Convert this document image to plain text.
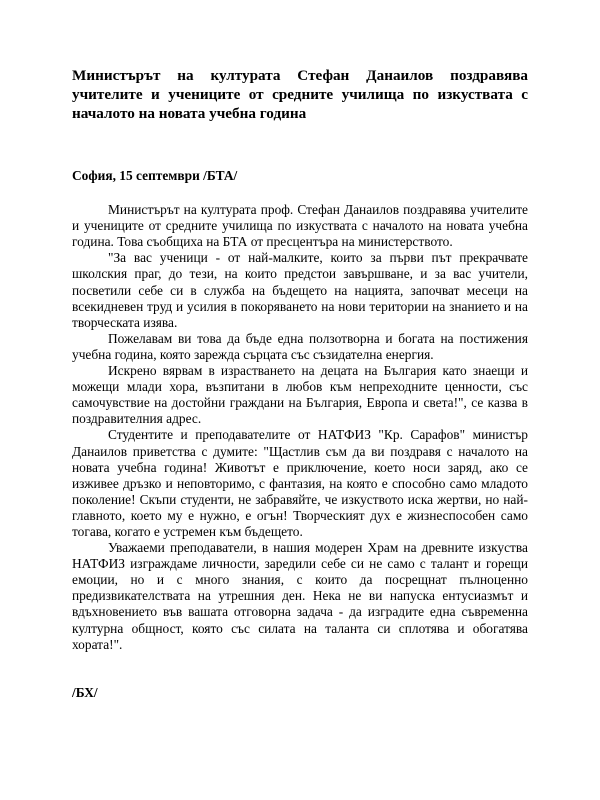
Министърът на културата Стефан Данаилов поздравява учителите и учениците от средните училища по изкуствата с началото на новата учебна година
София, 15 септември /БТА/

Министърът на културата проф. Стефан Данаилов поздравява учителите и учениците от средните училища по изкуствата с началото на новата учебна година. Това съобщиха на БТА от пресцентъра на министерството.

"За вас ученици - от най-малките, които за първи път прекрачвате школския праг, до тези, на които предстои завършване, и за вас учители, посветили себе си в служба на бъдещето на нацията, започват месеци на всекидневен труд и усилия в покоряването на нови територии на знанието и на творческата изява.

Пожелавам ви това да бъде една ползотворна и богата на постижения учебна година, която зарежда сърцата със съзидателна енергия.

Искрено вярвам в израстването на децата на България като знаещи и можещи млади хора, възпитани в любов към непреходните ценности, със самочувствие на достойни граждани на България, Европа и света!", се казва в поздравителния адрес.

Студентите и преподавателите от НАТФИЗ "Кр. Сарафов" министър Данаилов приветства с думите: "Щастлив съм да ви поздравя с началото на новата учебна година! Животът е приключение, което носи заряд, ако се изживее дръзко и неповторимо, с фантазия, на която е способно само младото поколение! Скъпи студенти, не забравяйте, че изкуството иска жертви, но най-главното, което му е нужно, е огън! Творческият дух е жизнеспособен само тогава, когато е устремен към бъдещето.

Уважаеми преподаватели, в нашия модерен Храм на древните изкуства НАТФИЗ изграждаме личности, заредили себе си не само с талант и горещи емоции, но и с много знания, с които да посрещнат пълноценно предизвикателствата на утрешния ден. Нека не ви напуска ентусиазмът и вдъхновението във вашата отговорна задача - да изградите една съвременна културна общност, която със силата на таланта си сплотява и обогатява хората!".

/БХ/
